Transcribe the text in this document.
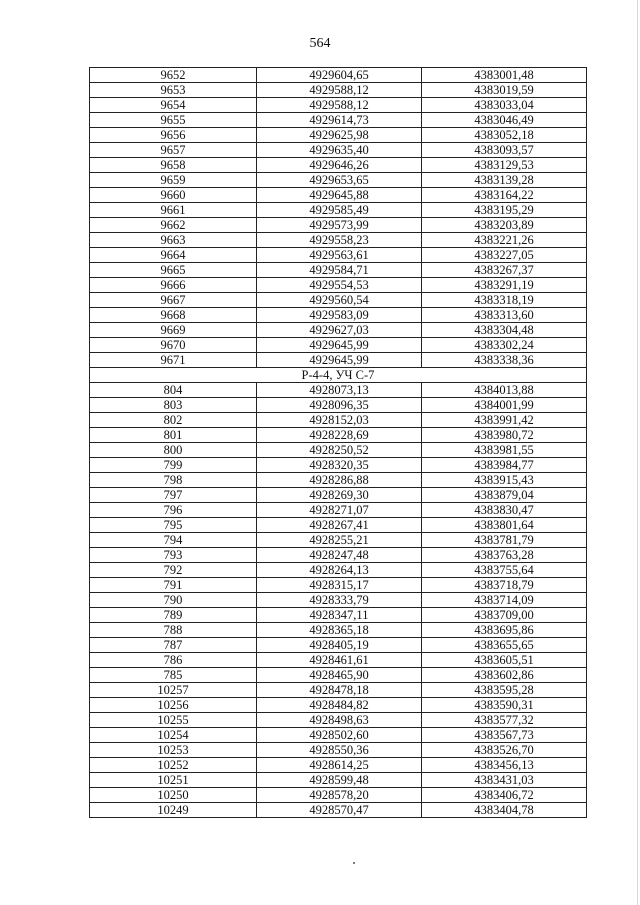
564
9652	4929604,65	4383001,48
9653	4929588,12	4383019,59
9654	4929588,12	4383033,04
9655	4929614,73	4383046,49
9656	4929625,98	4383052,18
9657	4929635,40	4383093,57
9658	4929646,26	4383129,53
9659	4929653,65	4383139,28
9660	4929645,88	4383164,22
9661	4929585,49	4383195,29
9662	4929573,99	4383203,89
9663	4929558,23	4383221,26
9664	4929563,61	4383227,05
9665	4929584,71	4383267,37
9666	4929554,53	4383291,19
9667	4929560,54	4383318,19
9668	4929583,09	4383313,60
9669	4929627,03	4383304,48
9670	4929645,99	4383302,24
9671	4929645,99	4383338,36
Р-4-4, УЧ С-7		
804	4928073,13	4384013,88
803	4928096,35	4384001,99
802	4928152,03	4383991,42
801	4928228,69	4383980,72
800	4928250,52	4383981,55
799	4928320,35	4383984,77
798	4928286,88	4383915,43
797	4928269,30	4383879,04
796	4928271,07	4383830,47
795	4928267,41	4383801,64
794	4928255,21	4383781,79
793	4928247,48	4383763,28
792	4928264,13	4383755,64
791	4928315,17	4383718,79
790	4928333,79	4383714,09
789	4928347,11	4383709,00
788	4928365,18	4383695,86
787	4928405,19	4383655,65
786	4928461,61	4383605,51
785	4928465,90	4383602,86
10257	4928478,18	4383595,28
10256	4928484,82	4383590,31
10255	4928498,63	4383577,32
10254	4928502,60	4383567,73
10253	4928550,36	4383526,70
10252	4928614,25	4383456,13
10251	4928599,48	4383431,03
10250	4928578,20	4383406,72
10249	4928570,47	4383404,78
